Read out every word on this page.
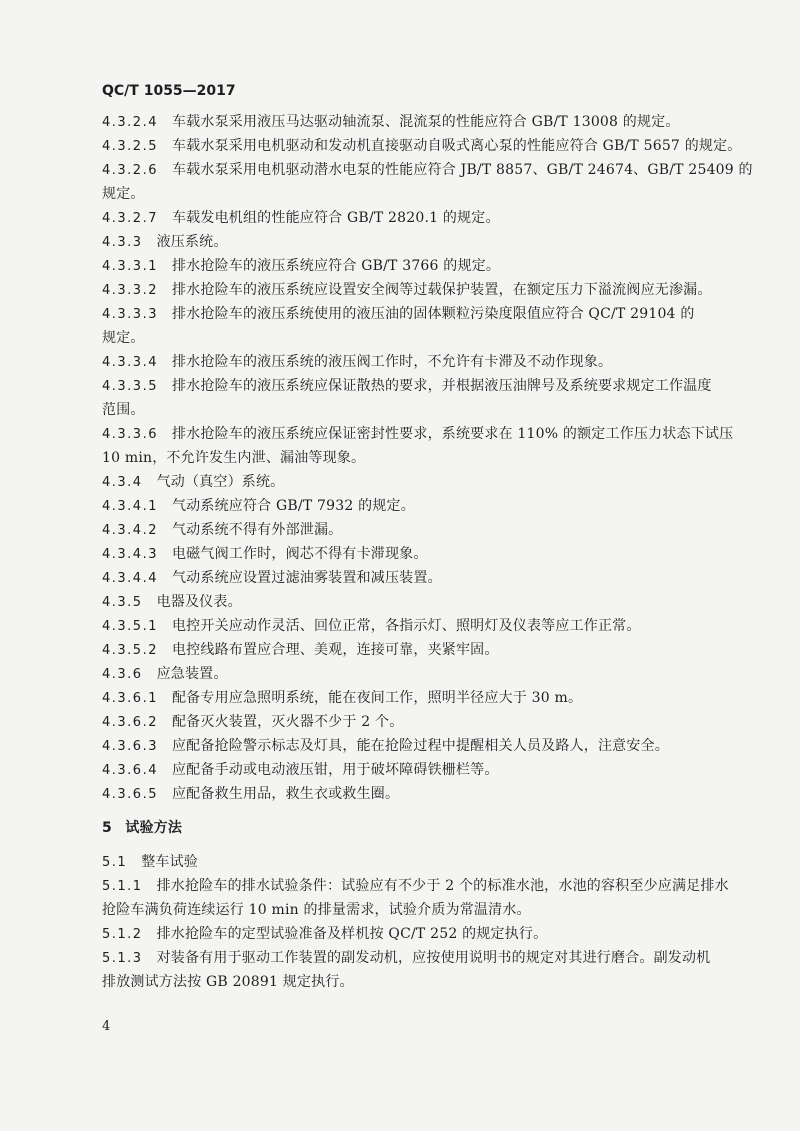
QC/T 1055—2017
4.3.2.4 车载水泵采用液压马达驱动轴流泵、混流泵的性能应符合 GB/T 13008 的规定。
4.3.2.5 车载水泵采用电机驱动和发动机直接驱动自吸式离心泵的性能应符合 GB/T 5657 的规定。
4.3.2.6 车载水泵采用电机驱动潜水电泵的性能应符合 JB/T 8857、GB/T 24674、GB/T 25409 的
规定。
4.3.2.7 车载发电机组的性能应符合 GB/T 2820.1 的规定。
4.3.3 液压系统。
4.3.3.1 排水抢险车的液压系统应符合 GB/T 3766 的规定。
4.3.3.2 排水抢险车的液压系统应设置安全阀等过载保护装置，在额定压力下溢流阀应无渗漏。
4.3.3.3 排水抢险车的液压系统使用的液压油的固体颗粒污染度限值应符合 QC/T 29104 的
规定。
4.3.3.4 排水抢险车的液压系统的液压阀工作时，不允许有卡滞及不动作现象。
4.3.3.5 排水抢险车的液压系统应保证散热的要求，并根据液压油牌号及系统要求规定工作温度
范围。
4.3.3.6 排水抢险车的液压系统应保证密封性要求，系统要求在 110% 的额定工作压力状态下试压
10 min，不允许发生内泄、漏油等现象。
4.3.4 气动（真空）系统。
4.3.4.1 气动系统应符合 GB/T 7932 的规定。
4.3.4.2 气动系统不得有外部泄漏。
4.3.4.3 电磁气阀工作时，阀芯不得有卡滞现象。
4.3.4.4 气动系统应设置过滤油雾装置和减压装置。
4.3.5 电器及仪表。
4.3.5.1 电控开关应动作灵活、回位正常，各指示灯、照明灯及仪表等应工作正常。
4.3.5.2 电控线路布置应合理、美观，连接可靠，夹紧牢固。
4.3.6 应急装置。
4.3.6.1 配备专用应急照明系统，能在夜间工作，照明半径应大于 30 m。
4.3.6.2 配备灭火装置，灭火器不少于 2 个。
4.3.6.3 应配备抢险警示标志及灯具，能在抢险过程中提醒相关人员及路人，注意安全。
4.3.6.4 应配备手动或电动液压钳，用于破坏障碍铁栅栏等。
4.3.6.5 应配备救生用品，救生衣或救生圈。
5 试验方法
5.1 整车试验
5.1.1 排水抢险车的排水试验条件：试验应有不少于 2 个的标准水池，水池的容积至少应满足排水
抢险车满负荷连续运行 10 min 的排量需求，试验介质为常温清水。
5.1.2 排水抢险车的定型试验准备及样机按 QC/T 252 的规定执行。
5.1.3 对装备有用于驱动工作装置的副发动机，应按使用说明书的规定对其进行磨合。副发动机
排放测试方法按 GB 20891 规定执行。
4
